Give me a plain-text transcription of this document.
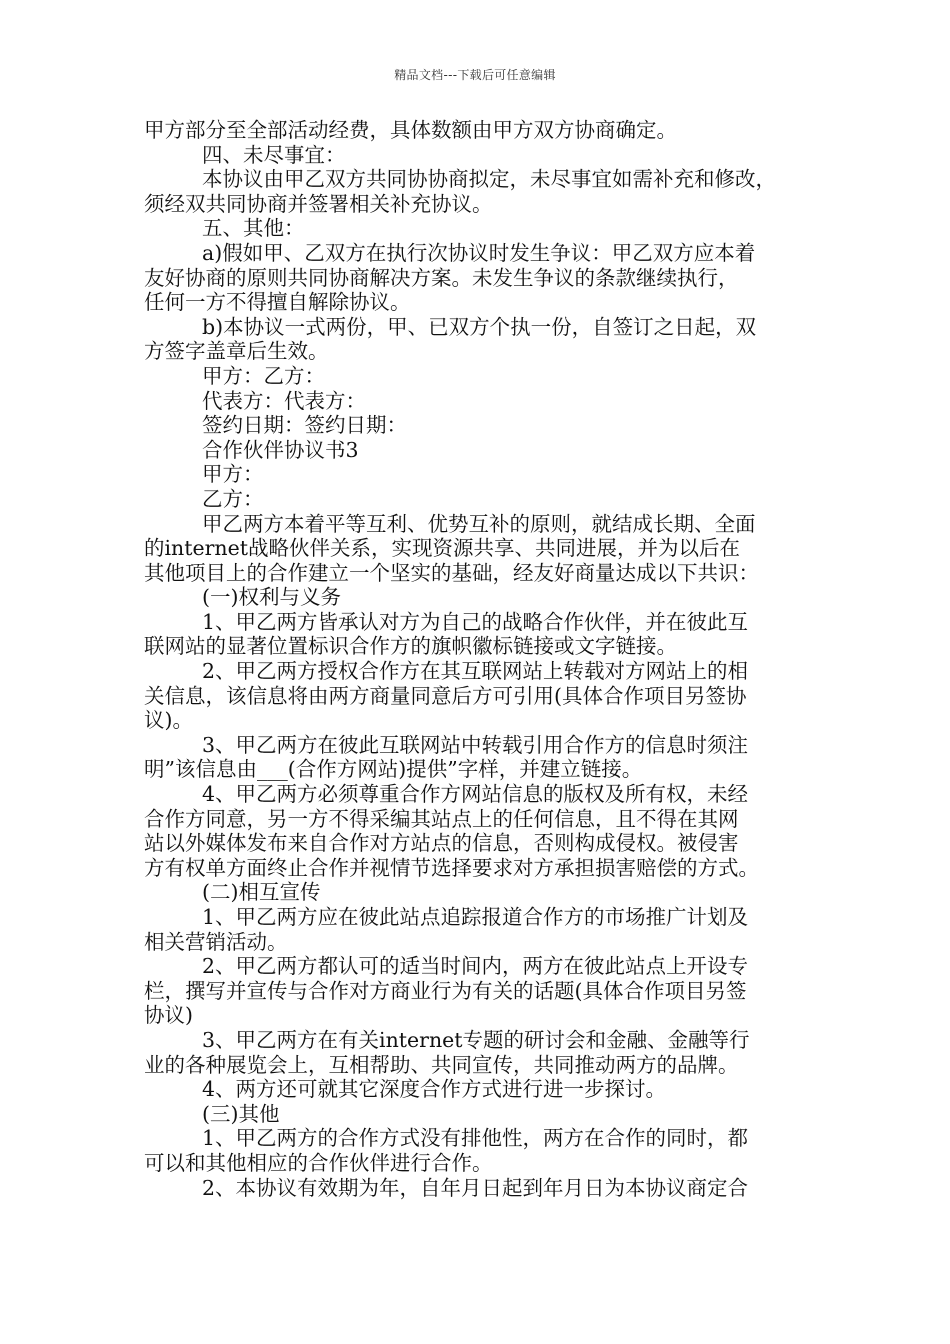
精品文档---下载后可任意编辑
甲方部分至全部活动经费，具体数额由甲方双方协商确定。
四、未尽事宜：
本协议由甲乙双方共同协协商拟定，未尽事宜如需补充和修改，
须经双共同协商并签署相关补充协议。
五、其他：
a)假如甲、乙双方在执行次协议时发生争议：甲乙双方应本着
友好协商的原则共同协商解决方案。未发生争议的条款继续执行，
任何一方不得擅自解除协议。
b)本协议一式两份，甲、已双方个执一份，自签订之日起，双
方签字盖章后生效。
甲方：乙方：
代表方：代表方：
签约日期：签约日期：
合作伙伴协议书3
甲方：
乙方：
甲乙两方本着平等互利、优势互补的原则，就结成长期、全面
的internet战略伙伴关系，实现资源共享、共同进展，并为以后在
其他项目上的合作建立一个坚实的基础，经友好商量达成以下共识：
(一)权利与义务
1、甲乙两方皆承认对方为自己的战略合作伙伴，并在彼此互
联网站的显著位置标识合作方的旗帜徽标链接或文字链接。
2、甲乙两方授权合作方在其互联网站上转载对方网站上的相
关信息，该信息将由两方商量同意后方可引用(具体合作项目另签协
议)。
3、甲乙两方在彼此互联网站中转载引用合作方的信息时须注
明”该信息由___(合作方网站)提供”字样，并建立链接。
4、甲乙两方必须尊重合作方网站信息的版权及所有权，未经
合作方同意，另一方不得采编其站点上的任何信息，且不得在其网
站以外媒体发布来自合作对方站点的信息，否则构成侵权。被侵害
方有权单方面终止合作并视情节选择要求对方承担损害赔偿的方式。
(二)相互宣传
1、甲乙两方应在彼此站点追踪报道合作方的市场推广计划及
相关营销活动。
2、甲乙两方都认可的适当时间内，两方在彼此站点上开设专
栏，撰写并宣传与合作对方商业行为有关的话题(具体合作项目另签
协议)
3、甲乙两方在有关internet专题的研讨会和金融、金融等行
业的各种展览会上，互相帮助、共同宣传，共同推动两方的品牌。
4、两方还可就其它深度合作方式进行进一步探讨。
(三)其他
1、甲乙两方的合作方式没有排他性，两方在合作的同时，都
可以和其他相应的合作伙伴进行合作。
2、本协议有效期为年，自年月日起到年月日为本协议商定合
